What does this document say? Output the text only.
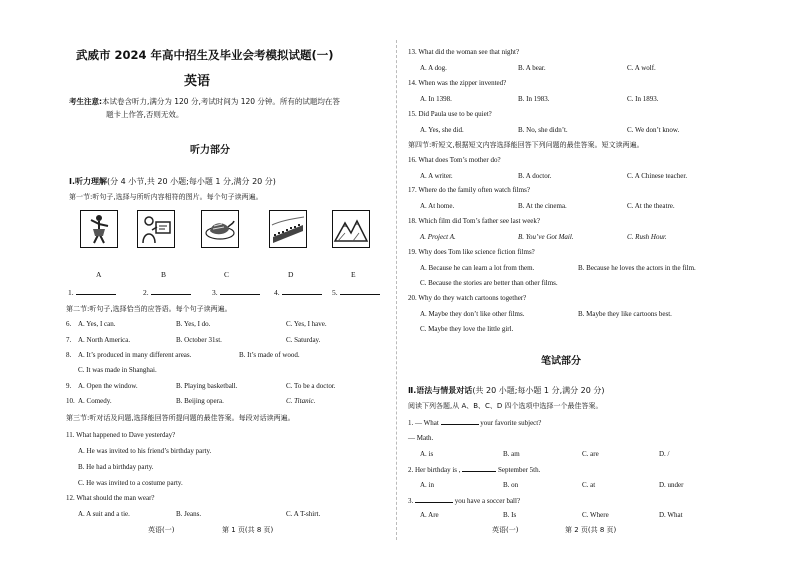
武威市 2024 年高中招生及毕业会考模拟试题(一)
英语
考生注意:本试卷含听力,满分为 120 分,考试时间为 120 分钟。所有的试题均在答
题卡上作答,否则无效。
听力部分
Ⅰ.听力理解(分 4 小节,共 20 小题;每小题 1 分,满分 20 分)
第一节:听句子,选择与所听内容相符的图片。每个句子读两遍。
A	B	C	D	E
1.	2.	3.	4.	5.
第二节:听句子,选择恰当的应答语。每个句子读两遍。
6. A. Yes, I can.	B. Yes, I do.	C. Yes, I have.
7. A. North America.	B. October 31st.	C. Saturday.
8. A. It’s produced in many different areas.	B. It’s made of wood.
C. It was made in Shanghai.
9. A. Open the window.	B. Playing basketball.	C. To be a doctor.
10. A. Comedy.	B. Beijing opera.	C. Titanic.
第三节:听对话及问题,选择能回答所提问题的最佳答案。每段对话读两遍。
11. What happened to Dave yesterday?
A. He was invited to his friend’s birthday party.
B. He had a birthday party.
C. He was invited to a costume party.
12. What should the man wear?
A. A suit and a tie.	B. Jeans.	C. A T-shirt.
英语(一)	第 1 页(共 8 页)
13. What did the woman see that night?
A. A dog.	B. A bear.	C. A wolf.
14. When was the zipper invented?
A. In 1398.	B. In 1983.	C. In 1893.
15. Did Paula use to be quiet?
A. Yes, she did.	B. No, she didn’t.	C. We don’t know.
第四节:听短文,根据短文内容选择能回答下列问题的最佳答案。短文读两遍。
16. What does Tom’s mother do?
A. A writer.	B. A doctor.	C. A Chinese teacher.
17. Where do the family often watch films?
A. At home.	B. At the cinema.	C. At the theatre.
18. Which film did Tom’s father see last week?
A. Project A.	B. You’ve Got Mail.	C. Rush Hour.
19. Why does Tom like science fiction films?
A. Because he can learn a lot from them.	B. Because he loves the actors in the film.
C. Because the stories are better than other films.
20. Why do they watch cartoons together?
A. Maybe they don’t like other films.	B. Maybe they like cartoons best.
C. Maybe they love the little girl.
笔试部分
Ⅱ.语法与情景对话(共 20 小题;每小题 1 分,满分 20 分)
阅读下列各题,从 A、B、C、D 四个选项中选择一个最佳答案。
1. — What	your favorite subject?
— Math.
A. is	B. am	C. are	D. /
2. Her birthday is ,	September 5th.
A. in	B. on	C. at	D. under
3.	you have a soccer ball?
A. Are	B. Is	C. Where	D. What
英语(一)	第 2 页(共 8 页)
